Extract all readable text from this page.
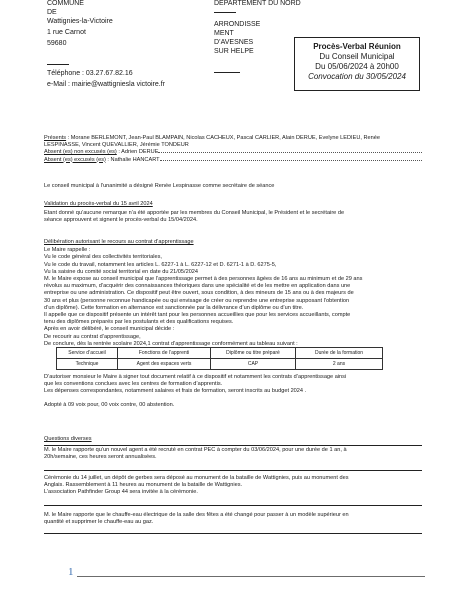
COMMUNE
DE
Wattignies-la-Victoire
1 rue Carnot
59680
Téléphone : 03.27.67.82.16
e-Mail : mairie@wattigniesla victoire.fr
DEPARTEMENT DU NORD
ARRONDISSE
MENT
D’AVESNES
SUR HELPE
Procès-Verbal Réunion
Du Conseil Municipal
Du 05/06/2024 à 20h00
Convocation du 30/05/2024
Présents : Morane BERLEMONT, Jean-Paul BLAMPAIN, Nicolas CACHEUX, Pascal CARLIER, Alain DERUE, Evelyne LEDIEU, Renée
LESPINASSE, Vincent QUEVALLIER, Jérémie TONDEUR
Absent (es) non excusés (es) : Adrien DERUE
Absent (es) excusés (es) : Nathalie HANCART
Le conseil municipal à l’unanimité a désigné Renée Lespinasse comme secrétaire de séance
Validation du procès-verbal du 15 avril 2024
Etant donné qu’aucune remarque n’a été apportée par les membres du Conseil Municipal, le Président et le secrétaire de
séance approuvent et signent le procès-verbal du 15/04/2024.
Délibération autorisant le recours au contrat d’apprentissage
Le Maire rappelle :
Vu le code général des collectivités territoriales,
Vu le code du travail, notamment les articles L. 6227-1 à L. 6227-12 et D. 6271-1 à D. 6275-5,
Vu la saisine du comité social territorial en date du 21/05/2024
M. le Maire expose au conseil municipal que l’apprentissage permet à des personnes âgées de 16 ans au minimum et de 29 ans
révolus au maximum, d’acquérir des connaissances théoriques dans une spécialité et de les mettre en application dans une
entreprise ou une administration. Ce dispositif peut être ouvert, sous condition, à des mineurs de 15 ans ou à des majeurs de
30 ans et plus (personne reconnue handicapée ou qui envisage de créer ou reprendre une entreprise supposant l’obtention
d’un diplôme). Cette formation en alternance est sanctionnée par la délivrance d’un diplôme ou d’un titre.
Il appelle que ce dispositif présente un intérêt tant pour les personnes accueillies que pour les services accueillants, compte
tenu des diplômes préparés par les postulants et des qualifications requises.
Après en avoir délibéré, le conseil municipal décide :
De recourir au contrat d’apprentissage,
De conclure, dès la rentrée scolaire 2024,1 contrat d’apprentissage conformément au tableau suivant :
Service d’accueil	Fonctions de l’apprenti	Diplôme ou titre préparé	Durée de la formation
Technique	Agent des espaces verts	CAP	2 ans
D’autoriser monsieur le Maire à signer tout document relatif à ce dispositif et notamment les contrats d’apprentissage ainsi
que les conventions conclues avec les centres de formation d’apprentis.
Les dépenses correspondantes, notamment salaires et frais de formation, seront inscrits au budget 2024 .
Adopté à 09 voix pour, 00 voix contre, 00 abstention.
Questions diverses
M. le Maire rapporte qu’un nouvel agent a été recruté en contrat PEC à compter du 03/06/2024, pour une durée de 1 an, à
20h/semaine, ces heures seront annualisées.
Cérémonie du 14 juillet, un dépôt de gerbes sera déposé au monument de la bataille de Wattignies, puis au monument des
Anglais. Rassemblement à 11 heures au monument de la bataille de Wattignies.
L’association Pathfinder Group 44 sera invitée à la cérémonie.
M. le Maire rapporte que le chauffe-eau électrique de la salle des fêtes a été changé pour passer à un modèle supérieur en
quantité et supprimer le chauffe-eau au gaz.
1
